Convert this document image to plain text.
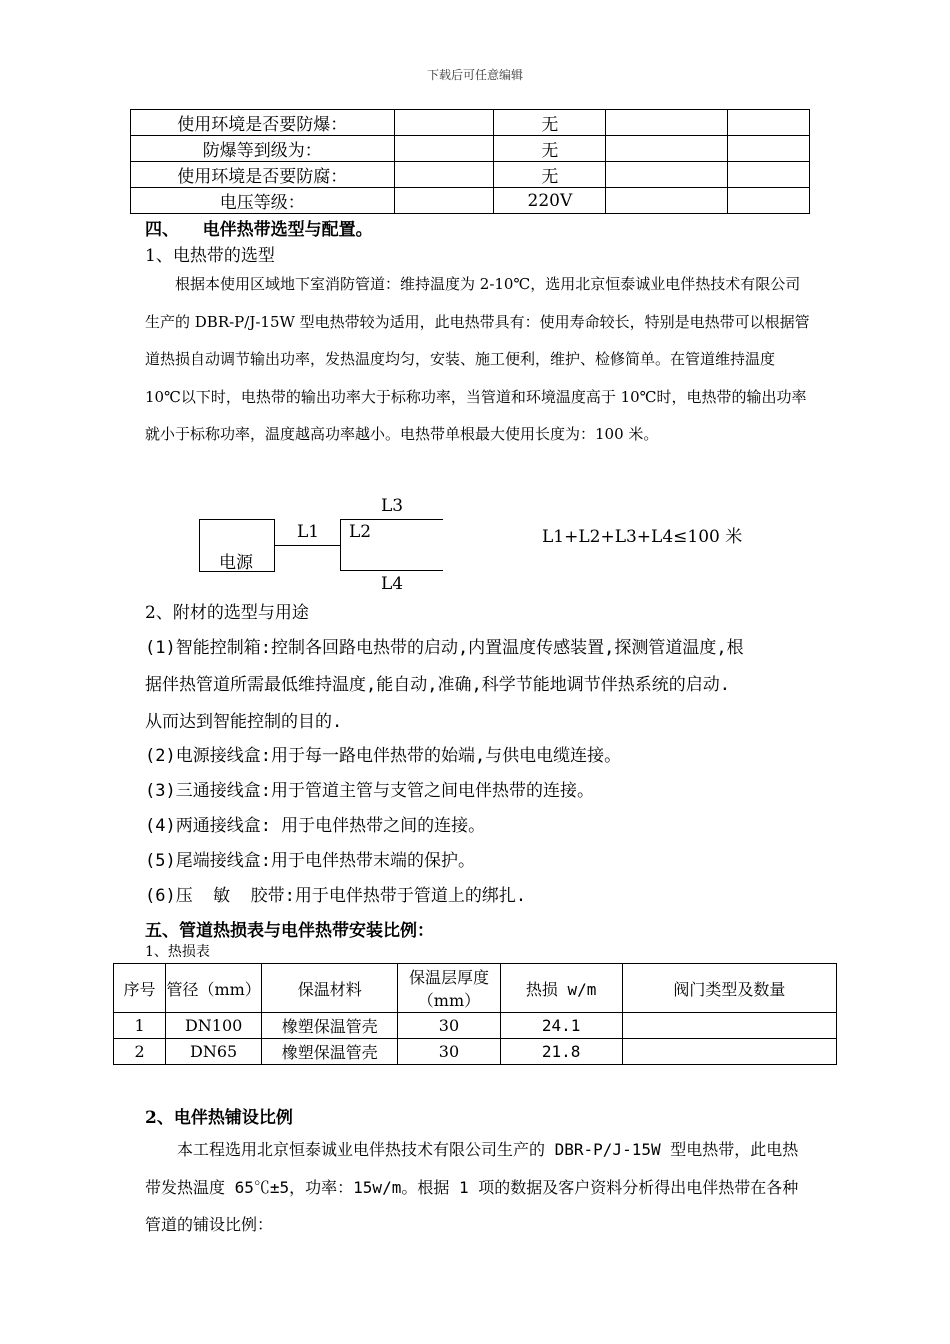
下载后可任意编辑
使用环境是否要防爆：		无		
防爆等到级为：		无		
使用环境是否要防腐：		无		
电压等级：		220V		
四、    电伴热带选型与配置。
1、电热带的选型
根据本使用区域地下室消防管道：维持温度为 2-10℃，选用北京恒泰诚业电伴热技术有限公司生产的 DBR-P/J-15W 型电热带较为适用，此电热带具有：使用寿命较长，特别是电热带可以根据管道热损自动调节输出功率，发热温度均匀，安装、施工便利，维护、检修简单。在管道维持温度 10℃以下时，电热带的输出功率大于标称功率，当管道和环境温度高于 10℃时，电热带的输出功率就小于标称功率，温度越高功率越小。电热带单根最大使用长度为：100 米。
电源
L1 L2
L3
L4
L1+L2+L3+L4≤100 米
2、附材的选型与用途
(1)智能控制箱:控制各回路电热带的启动,内置温度传感装置,探测管道温度,根
据伴热管道所需最低维持温度,能自动,准确,科学节能地调节伴热系统的启动.
从而达到智能控制的目的.
(2)电源接线盒:用于每一路电伴热带的始端,与供电电缆连接。
(3)三通接线盒:用于管道主管与支管之间电伴热带的连接。
(4)两通接线盒: 用于电伴热带之间的连接。
(5)尾端接线盒:用于电伴热带末端的保护。
(6)压  敏  胶带:用于电伴热带于管道上的绑扎.
五、管道热损表与电伴热带安装比例：
1、热损表
序号	管径（mm）	保温材料	保温层厚度（mm）	热损 w/m	阀门类型及数量
1	DN100	橡塑保温管壳	30	24.1	
2	DN65	橡塑保温管壳	30	21.8	
2、电伴热铺设比例
本工程选用北京恒泰诚业电伴热技术有限公司生产的 DBR-P/J-15W 型电热带，此电热带发热温度 65℃±5，功率：15w/m。根据 1 项的数据及客户资料分析得出电伴热带在各种管道的铺设比例：
